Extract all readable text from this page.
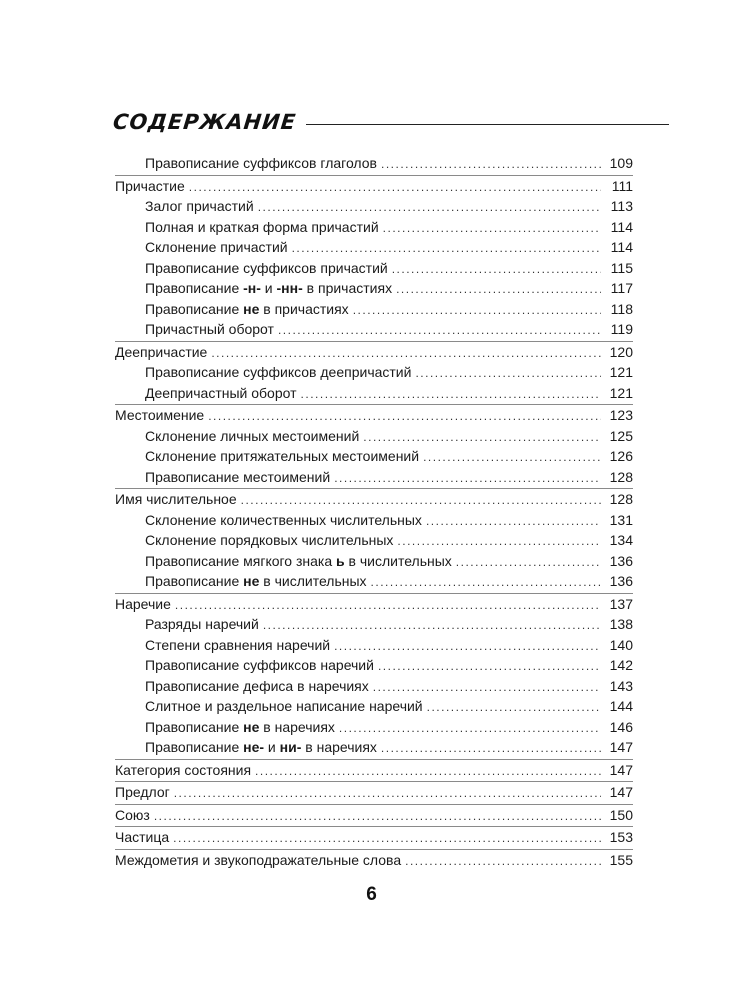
СОДЕРЖАНИЕ
Правописание суффиксов глаголов .....	109
Причастие .....	111
Залог причастий .....	113
Полная и краткая форма причастий .....	114
Склонение причастий .....	114
Правописание суффиксов причастий .....	115
Правописание -н- и -нн- в причастиях .....	117
Правописание не в причастиях .....	118
Причастный оборот .....	119
Деепричастие .....	120
Правописание суффиксов деепричастий .....	121
Деепричастный оборот .....	121
Местоимение .....	123
Склонение личных местоимений .....	125
Склонение притяжательных местоимений .....	126
Правописание местоимений .....	128
Имя числительное .....	128
Склонение количественных числительных .....	131
Склонение порядковых числительных .....	134
Правописание мягкого знака ь в числительных .....	136
Правописание не в числительных .....	136
Наречие .....	137
Разряды наречий .....	138
Степени сравнения наречий .....	140
Правописание суффиксов наречий .....	142
Правописание дефиса в наречиях .....	143
Слитное и раздельное написание наречий .....	144
Правописание не в наречиях .....	146
Правописание не- и ни- в наречиях .....	147
Категория состояния .....	147
Предлог .....	147
Союз .....	150
Частица .....	153
Междометия и звукоподражательные слова .....	155
6
